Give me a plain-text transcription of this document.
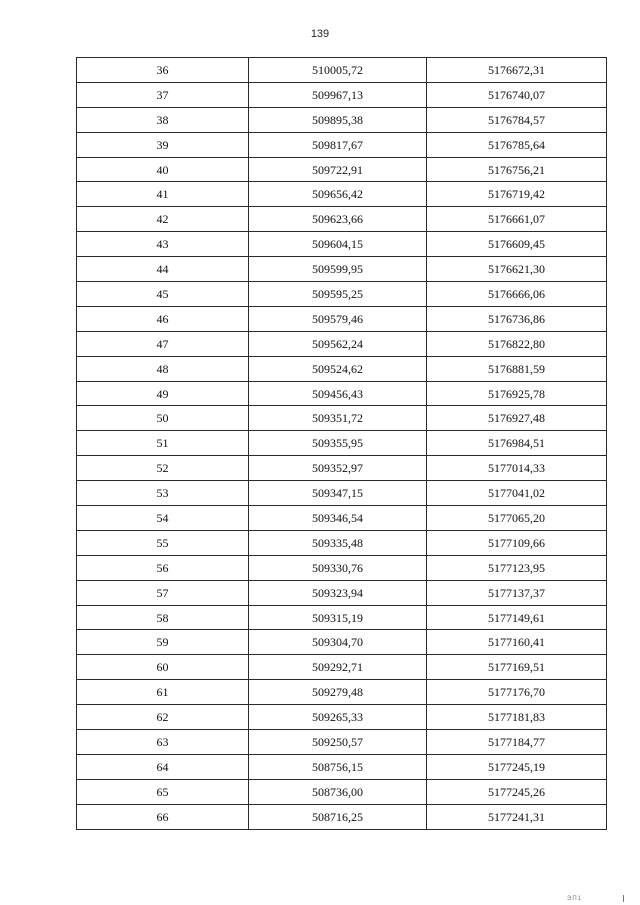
139
36	510005,72	5176672,31
37	509967,13	5176740,07
38	509895,38	5176784,57
39	509817,67	5176785,64
40	509722,91	5176756,21
41	509656,42	5176719,42
42	509623,66	5176661,07
43	509604,15	5176609,45
44	509599,95	5176621,30
45	509595,25	5176666,06
46	509579,46	5176736,86
47	509562,24	5176822,80
48	509524,62	5176881,59
49	509456,43	5176925,78
50	509351,72	5176927,48
51	509355,95	5176984,51
52	509352,97	5177014,33
53	509347,15	5177041,02
54	509346,54	5177065,20
55	509335,48	5177109,66
56	509330,76	5177123,95
57	509323,94	5177137,37
58	509315,19	5177149,61
59	509304,70	5177160,41
60	509292,71	5177169,51
61	509279,48	5177176,70
62	509265,33	5177181,83
63	509250,57	5177184,77
64	508756,15	5177245,19
65	508736,00	5177245,26
66	508716,25	5177241,31
ЭП1
